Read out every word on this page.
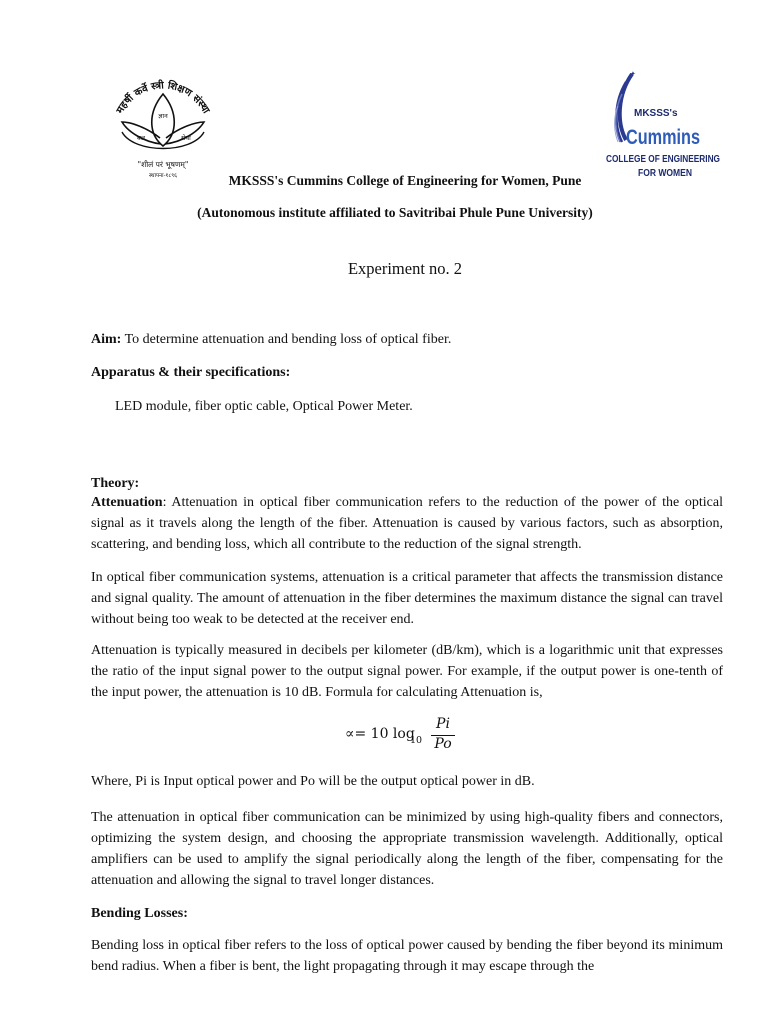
महर्षी कर्वे स्त्री शिक्षण संस्था
ज्ञान
बल	सेवा
"शीलं परं भूषणम्"
स्थापना-१८९६
✦
MKSSS's
Cummins
COLLEGE OF ENGINEERING
FOR WOMEN
MKSSS's Cummins College of Engineering for Women, Pune
(Autonomous institute affiliated to Savitribai Phule Pune University)
Experiment no. 2
Aim: To determine attenuation and bending loss of optical fiber.
Apparatus & their specifications:
LED module, fiber optic cable, Optical Power Meter.
Theory:
Attenuation: Attenuation in optical fiber communication refers to the reduction of the power of the optical signal as it travels along the length of the fiber. Attenuation is caused by various factors, such as absorption, scattering, and bending loss, which all contribute to the reduction of the signal strength.
In optical fiber communication systems, attenuation is a critical parameter that affects the transmission distance and signal quality. The amount of attenuation in the fiber determines the maximum distance the signal can travel without being too weak to be detected at the receiver end.
Attenuation is typically measured in decibels per kilometer (dB/km), which is a logarithmic unit that expresses the ratio of the input signal power to the output signal power. For example, if the output power is one-tenth of the input power, the attenuation is 10 dB. Formula for calculating Attenuation is,
∝= 10 log
10
Pi
Po
Where, Pi is Input optical power and Po will be the output optical power in dB.
The attenuation in optical fiber communication can be minimized by using high-quality fibers and connectors, optimizing the system design, and choosing the appropriate transmission wavelength. Additionally, optical amplifiers can be used to amplify the signal periodically along the length of the fiber, compensating for the attenuation and allowing the signal to travel longer distances.
Bending Losses:
Bending loss in optical fiber refers to the loss of optical power caused by bending the fiber beyond its minimum bend radius. When a fiber is bent, the light propagating through it may escape through the
